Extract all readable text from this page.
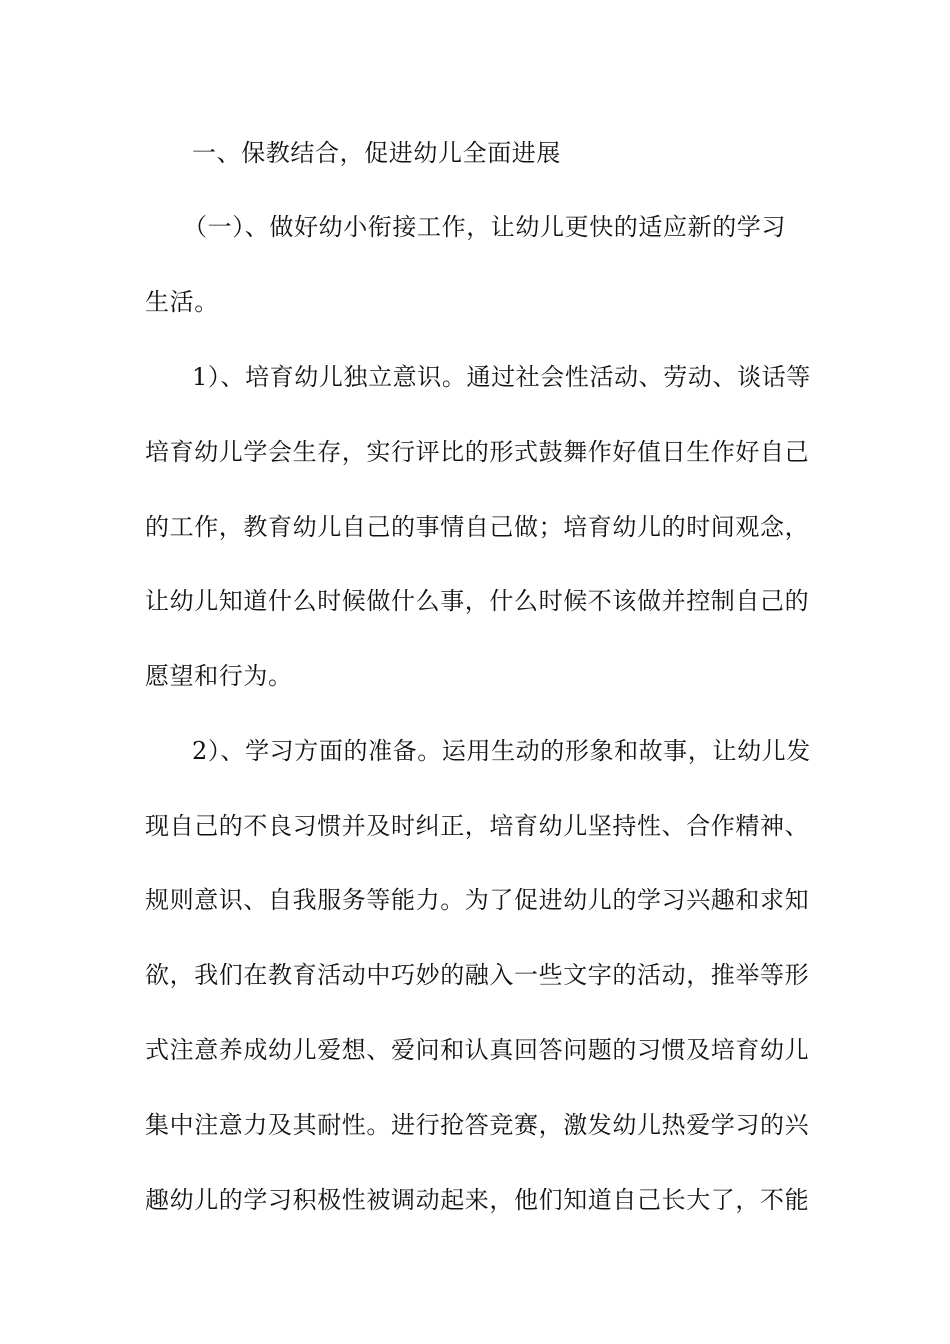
一、保教结合，促进幼儿全面进展
（一）、做好幼小衔接工作，让幼儿更快的适应新的学习
生活。
1）、培育幼儿独立意识。通过社会性活动、劳动、谈话等
培育幼儿学会生存，实行评比的形式鼓舞作好值日生作好自己
的工作，教育幼儿自己的事情自己做；培育幼儿的时间观念，
让幼儿知道什么时候做什么事，什么时候不该做并控制自己的
愿望和行为。
2）、学习方面的准备。运用生动的形象和故事，让幼儿发
现自己的不良习惯并及时纠正，培育幼儿坚持性、合作精神、
规则意识、自我服务等能力。为了促进幼儿的学习兴趣和求知
欲，我们在教育活动中巧妙的融入一些文字的活动，推举等形
式注意养成幼儿爱想、爱问和认真回答问题的习惯及培育幼儿
集中注意力及其耐性。进行抢答竞赛，激发幼儿热爱学习的兴
趣幼儿的学习积极性被调动起来，他们知道自己长大了，不能
